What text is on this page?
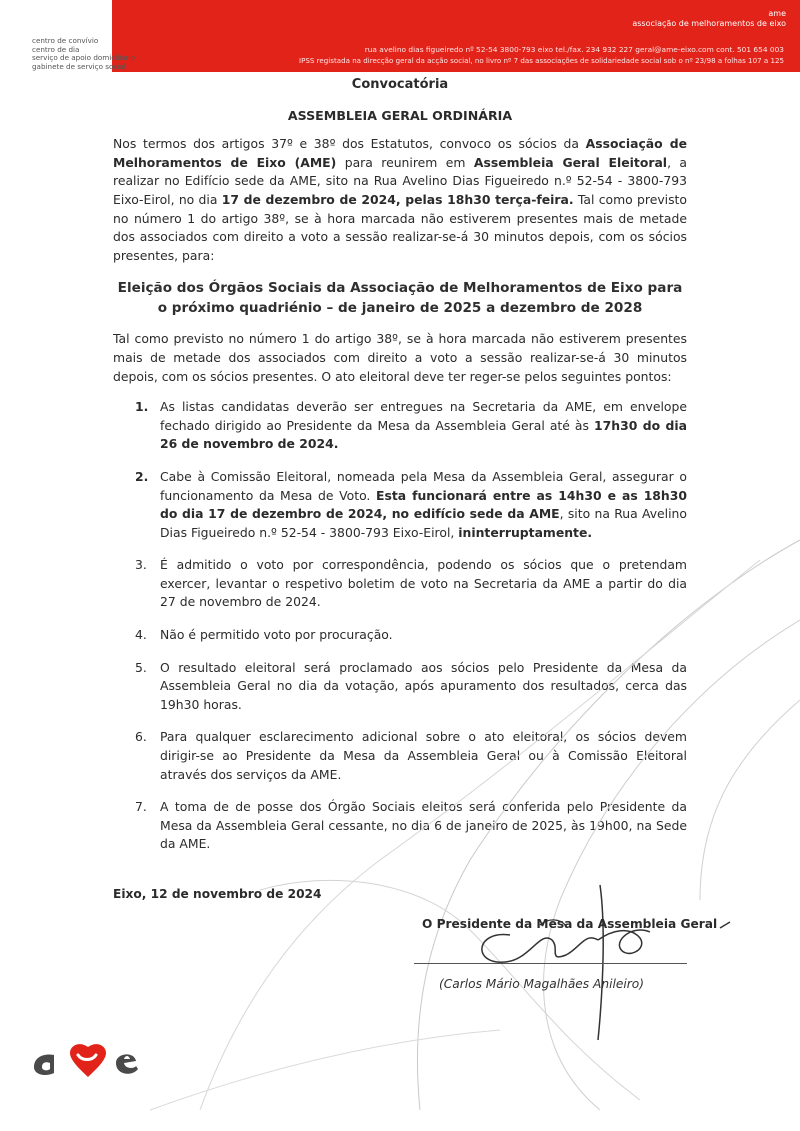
ame
associação de melhoramentos de eixo
rua avelino dias figueiredo nº 52-54 3800-793 eixo tel./fax. 234 932 227 geral@ame-eixo.com cont. 501 654 003
IPSS registada na direcção geral da acção social, no livro nº 7 das associações de solidariedade social sob o nº 23/98 a folhas 107 a 125
centro de convívio
centro de dia
serviço de apoio domiciliário
gabinete de serviço social

Convocatória

ASSEMBLEIA GERAL ORDINÁRIA

Nos termos dos artigos 37º e 38º dos Estatutos, convoco os sócios da Associação de Melhoramentos de Eixo (AME) para reunirem em Assembleia Geral Eleitoral, a realizar no Edifício sede da AME, sito na Rua Avelino Dias Figueiredo n.º 52-54 - 3800-793 Eixo-Eirol, no dia 17 de dezembro de 2024, pelas 18h30 terça-feira. Tal como previsto no número 1 do artigo 38º, se à hora marcada não estiverem presentes mais de metade dos associados com direito a voto a sessão realizar-se-á 30 minutos depois, com os sócios presentes, para:

Eleição dos Órgãos Sociais da Associação de Melhoramentos de Eixo para o próximo quadriénio – de janeiro de 2025 a dezembro de 2028

Tal como previsto no número 1 do artigo 38º, se à hora marcada não estiverem presentes mais de metade dos associados com direito a voto a sessão realizar-se-á 30 minutos depois, com os sócios presentes. O ato eleitoral deve ter reger-se pelos seguintes pontos:

1. As listas candidatas deverão ser entregues na Secretaria da AME, em envelope fechado dirigido ao Presidente da Mesa da Assembleia Geral até às 17h30 do dia 26 de novembro de 2024.
2. Cabe à Comissão Eleitoral, nomeada pela Mesa da Assembleia Geral, assegurar o funcionamento da Mesa de Voto. Esta funcionará entre as 14h30 e as 18h30 do dia 17 de dezembro de 2024, no edifício sede da AME, sito na Rua Avelino Dias Figueiredo n.º 52-54 - 3800-793 Eixo-Eirol, ininterruptamente.
3. É admitido o voto por correspondência, podendo os sócios que o pretendam exercer, levantar o respetivo boletim de voto na Secretaria da AME a partir do dia 27 de novembro de 2024.
4. Não é permitido voto por procuração.
5. O resultado eleitoral será proclamado aos sócios pelo Presidente da Mesa da Assembleia Geral no dia da votação, após apuramento dos resultados, cerca das 19h30 horas.
6. Para qualquer esclarecimento adicional sobre o ato eleitoral, os sócios devem dirigir-se ao Presidente da Mesa da Assembleia Geral ou à Comissão Eleitoral através dos serviços da AME.
7. A toma de de posse dos Órgão Sociais eleitos será conferida pelo Presidente da Mesa da Assembleia Geral cessante, no dia 6 de janeiro de 2025, às 19h00, na Sede da AME.
Eixo, 12 de novembro de 2024
O Presidente da Mesa da Assembleia Geral
(Carlos Mário Magalhães Anileiro)
